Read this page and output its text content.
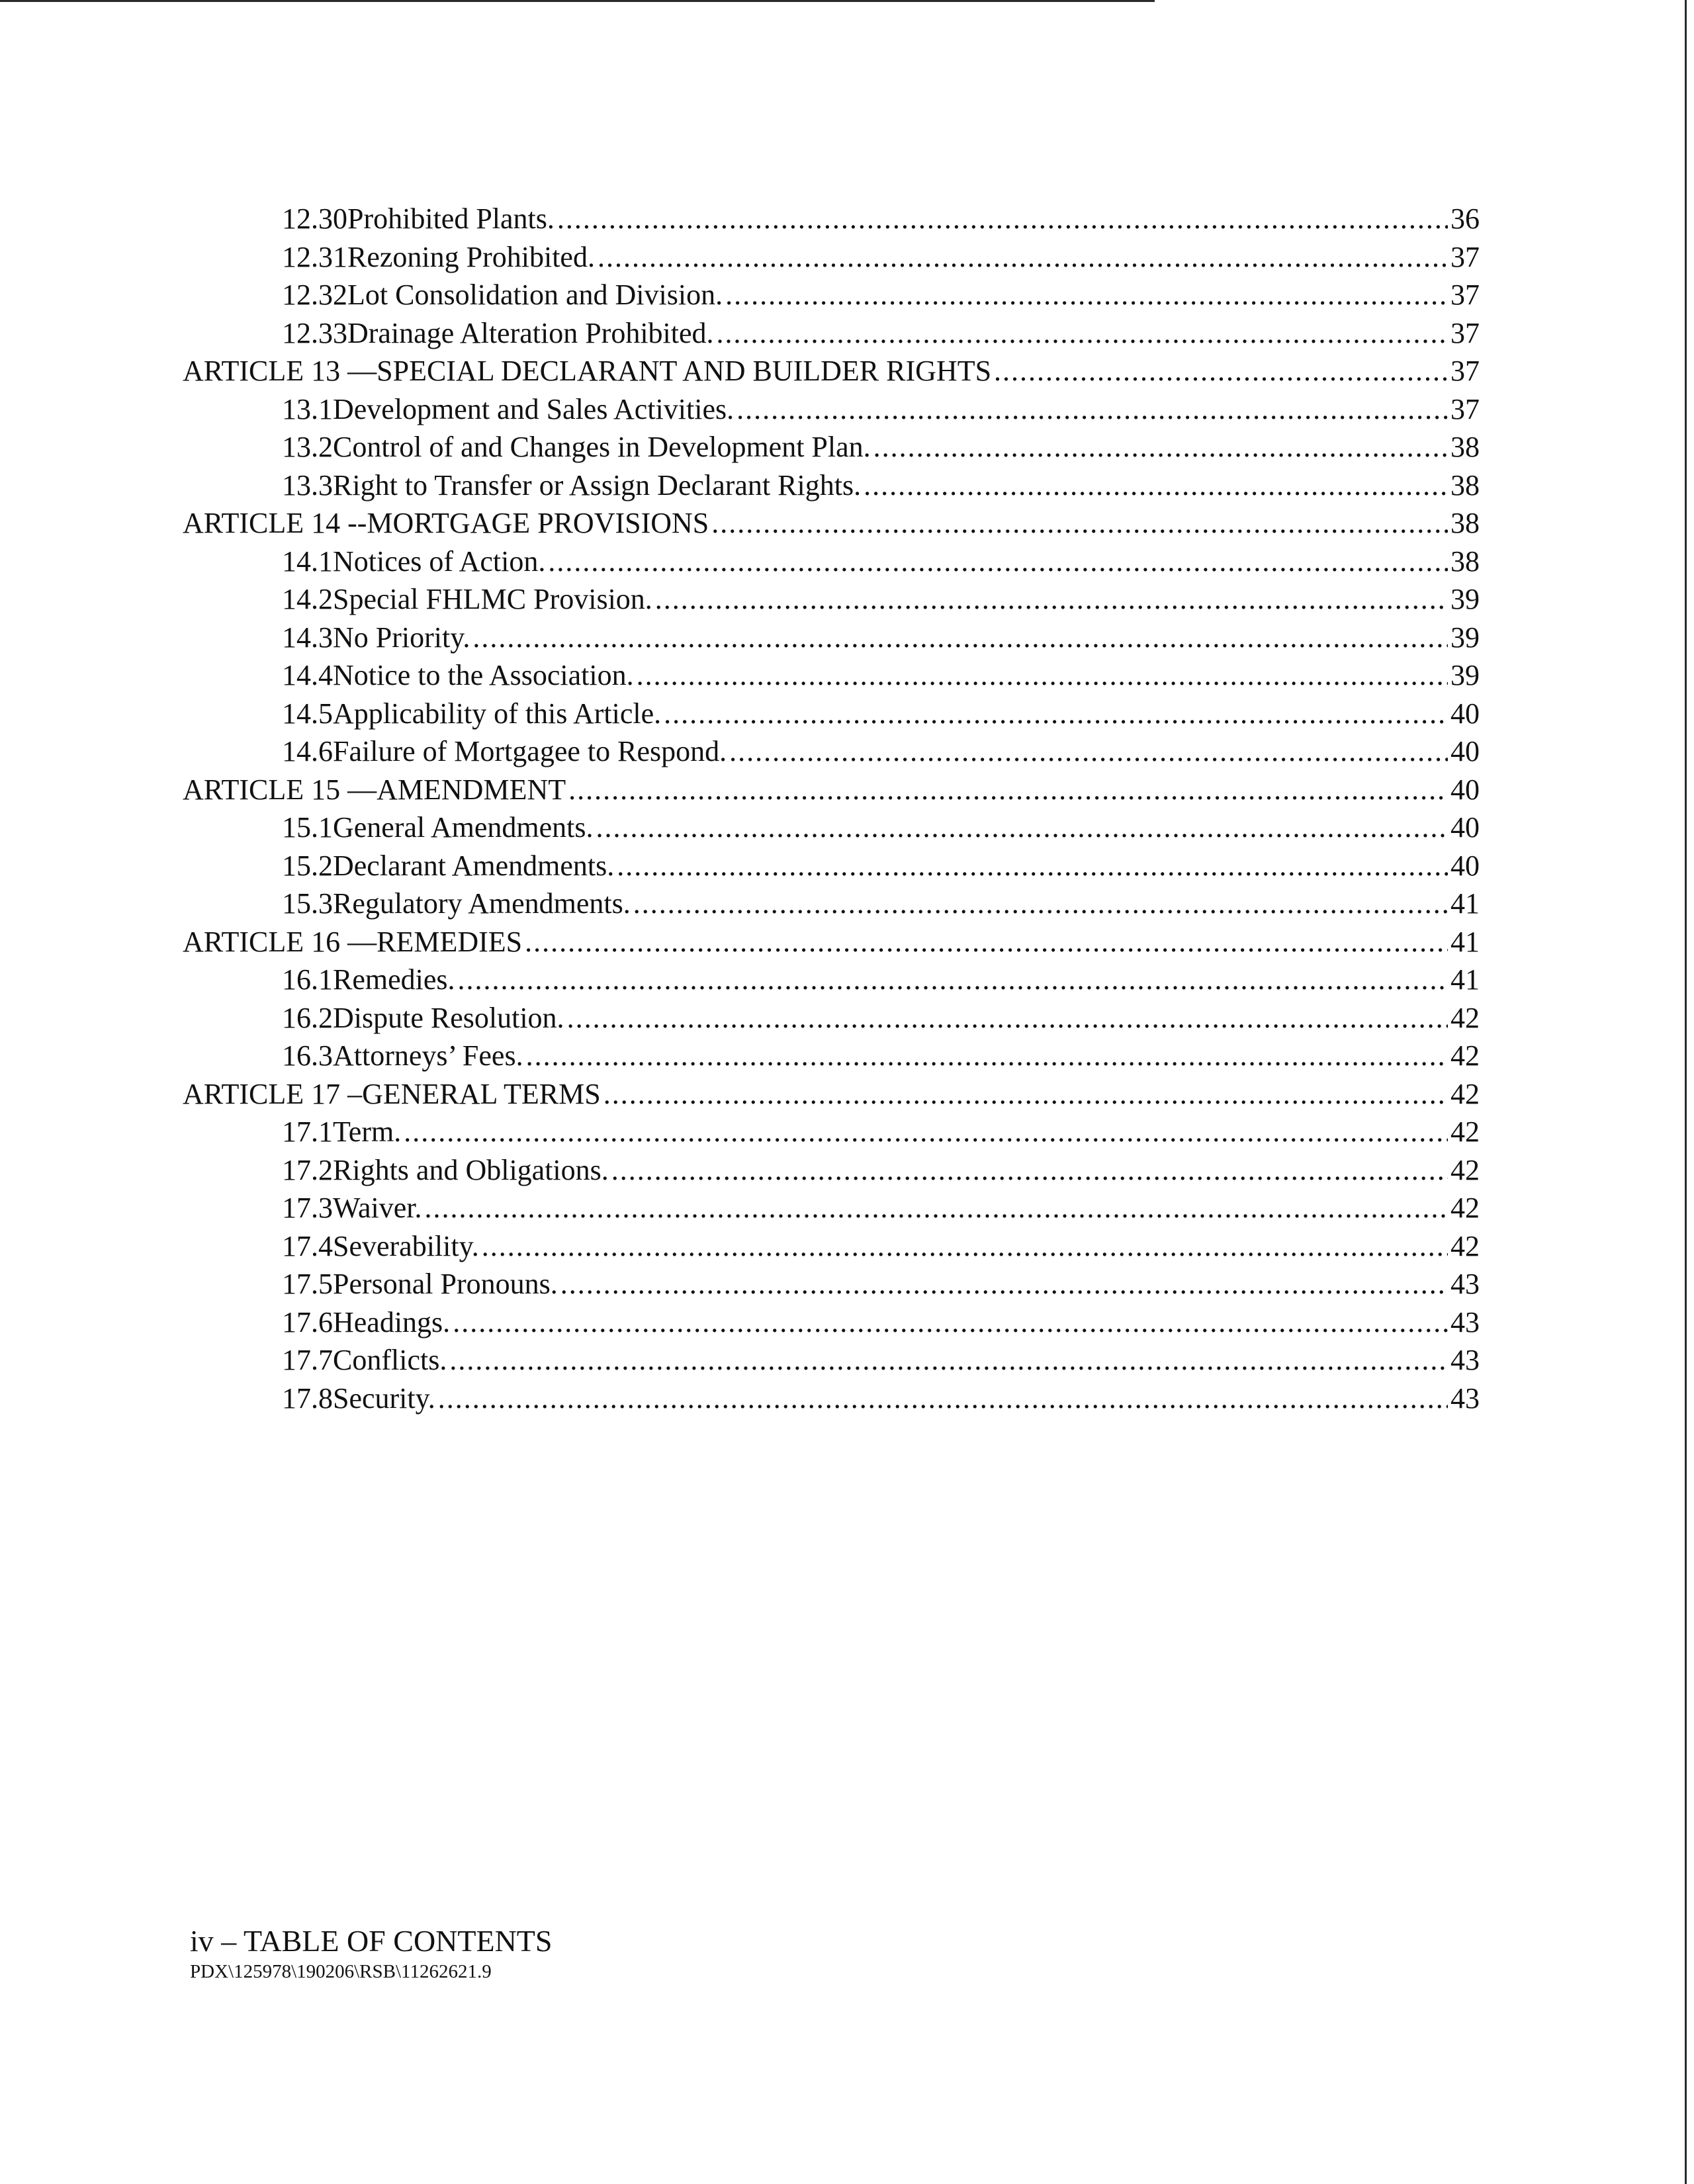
12.30 Prohibited Plants. .....	36
12.31 Rezoning Prohibited. .....	37
12.32 Lot Consolidation and Division. .....	37
12.33 Drainage Alteration Prohibited. .....	37
ARTICLE 13 — SPECIAL DECLARANT AND BUILDER RIGHTS .....	37
13.1 Development and Sales Activities. .....	37
13.2 Control of and Changes in Development Plan. .....	38
13.3 Right to Transfer or Assign Declarant Rights. .....	38
ARTICLE 14 -- MORTGAGE PROVISIONS .....	38
14.1 Notices of Action. .....	38
14.2 Special FHLMC Provision. .....	39
14.3 No Priority. .....	39
14.4 Notice to the Association. .....	39
14.5 Applicability of this Article. .....	40
14.6 Failure of Mortgagee to Respond. .....	40
ARTICLE 15 — AMENDMENT .....	40
15.1 General Amendments. .....	40
15.2 Declarant Amendments. .....	40
15.3 Regulatory Amendments. .....	41
ARTICLE 16 — REMEDIES .....	41
16.1 Remedies. .....	41
16.2 Dispute Resolution. .....	42
16.3 Attorneys’ Fees. .....	42
ARTICLE 17 – GENERAL TERMS .....	42
17.1 Term. .....	42
17.2 Rights and Obligations. .....	42
17.3 Waiver. .....	42
17.4 Severability. .....	42
17.5 Personal Pronouns. .....	43
17.6 Headings. .....	43
17.7 Conflicts. .....	43
17.8 Security. .....	43
iv – TABLE OF CONTENTS
PDX\125978\190206\RSB\11262621.9
